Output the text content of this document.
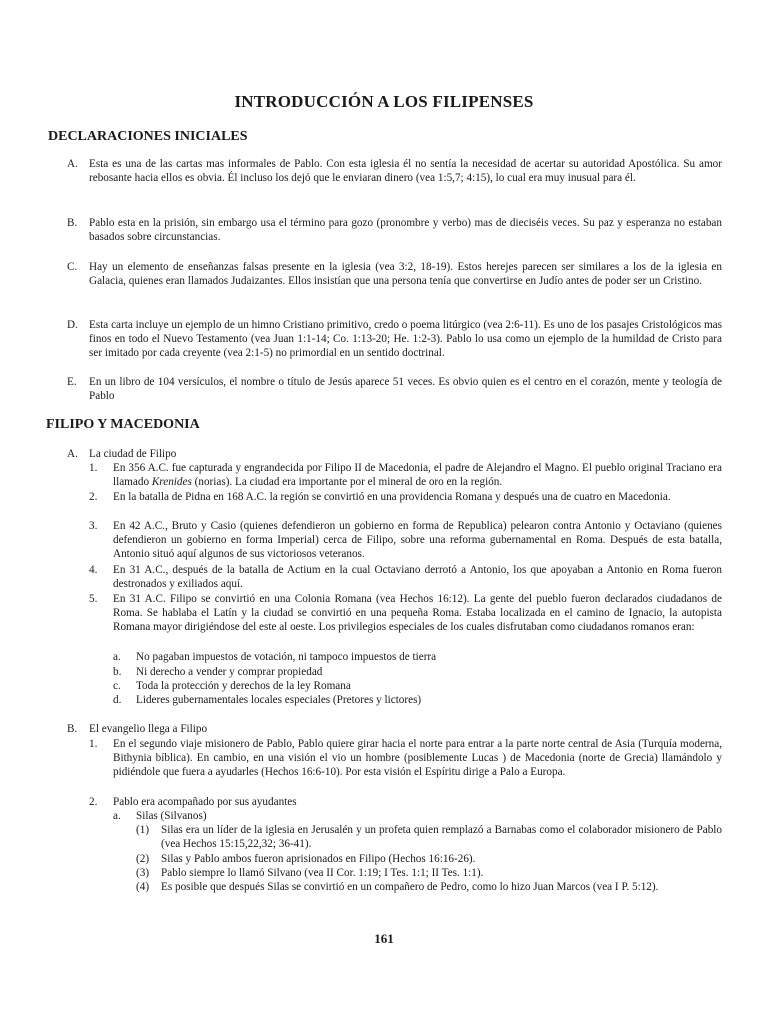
INTRODUCCIÓN A LOS FILIPENSES
DECLARACIONES INICIALES
A. Esta es una de las cartas mas informales de Pablo. Con esta iglesia él no sentía la necesidad de acertar su autoridad Apostólica. Su amor rebosante hacia ellos es obvia. Él incluso los dejó que le enviaran dinero (vea 1:5,7; 4:15), lo cual era muy inusual para él.
B. Pablo esta en la prisión, sin embargo usa el término para gozo (pronombre y verbo) mas de dieciséis veces. Su paz y esperanza no estaban basados sobre circunstancias.
C. Hay un elemento de enseñanzas falsas presente en la iglesia (vea 3:2, 18-19). Estos herejes parecen ser similares a los de la iglesia en Galacia, quienes eran llamados Judaizantes. Ellos insistían que una persona tenía que convertirse en Judío antes de poder ser un Cristino.
D. Esta carta incluye un ejemplo de un himno Cristiano primitivo, credo o poema litúrgico (vea 2:6-11). Es uno de los pasajes Cristológicos mas finos en todo el Nuevo Testamento (vea Juan 1:1-14; Co. 1:13-20; He. 1:2-3). Pablo lo usa como un ejemplo de la humildad de Cristo para ser imitado por cada creyente (vea 2:1-5) no primordial en un sentido doctrinal.
E. En un libro de 104 versículos, el nombre o título de Jesús aparece 51 veces. Es obvio quien es el centro en el corazón, mente y teología de Pablo
FILIPO Y MACEDONIA
A. La ciudad de Filipo
1. En 356 A.C. fue capturada y engrandecida por Filipo II de Macedonia, el padre de Alejandro el Magno. El pueblo original Traciano era llamado Krenides (norias). La ciudad era importante por el mineral de oro en la región.
2. En la batalla de Pidna en 168 A.C. la región se convirtió en una providencia Romana y después una de cuatro en Macedonia.
3. En 42 A.C., Bruto y Casio (quienes defendieron un gobierno en forma de Republica) pelearon contra Antonio y Octaviano (quienes defendieron un gobierno en forma Imperial) cerca de Filipo, sobre una reforma gubernamental en Roma. Después de esta batalla, Antonio situó aquí algunos de sus victoriosos veteranos.
4. En 31 A.C., después de la batalla de Actium en la cual Octaviano derrotó a Antonio, los que apoyaban a Antonio en Roma fueron destronados y exiliados aquí.
5. En 31 A.C. Filipo se convirtió en una Colonia Romana (vea Hechos 16:12). La gente del pueblo fueron declarados ciudadanos de Roma. Se hablaba el Latín y la ciudad se convirtió en una pequeña Roma. Estaba localizada en el camino de Ignacio, la autopista Romana mayor dirigiéndose del este al oeste. Los privilegios especiales de los cuales disfrutaban como ciudadanos romanos eran:
a. No pagaban impuestos de votación, ni tampoco impuestos de tierra
b. Ni derecho a vender y comprar propiedad
c. Toda la protección y derechos de la ley Romana
d. Lideres gubernamentales locales especiales (Pretores y lictores)
B. El evangelio llega a Filipo
1. En el segundo viaje misionero de Pablo, Pablo quiere girar hacia el norte para entrar a la parte norte central de Asia (Turquía moderna, Bithynia bíblica). En cambio, en una visión el vio un hombre (posiblemente Lucas ) de Macedonia (norte de Grecia) llamándolo y pidiéndole que fuera a ayudarles (Hechos 16:6-10). Por esta visión el Espíritu dirige a Palo a Europa.
2. Pablo era acompañado por sus ayudantes
a. Silas (Silvanos)
(1) Silas era un líder de la iglesia en Jerusalén y un profeta quien remplazó a Barnabas como el colaborador misionero de Pablo (vea Hechos 15:15,22,32; 36-41).
(2) Silas y Pablo ambos fueron aprisionados en Filipo (Hechos 16:16-26).
(3) Pablo siempre lo llamó Silvano (vea II Cor. 1:19; I Tes. 1:1; II Tes. 1:1).
(4) Es posible que después Silas se convirtió en un compañero de Pedro, como lo hizo Juan Marcos (vea I P. 5:12).
161
